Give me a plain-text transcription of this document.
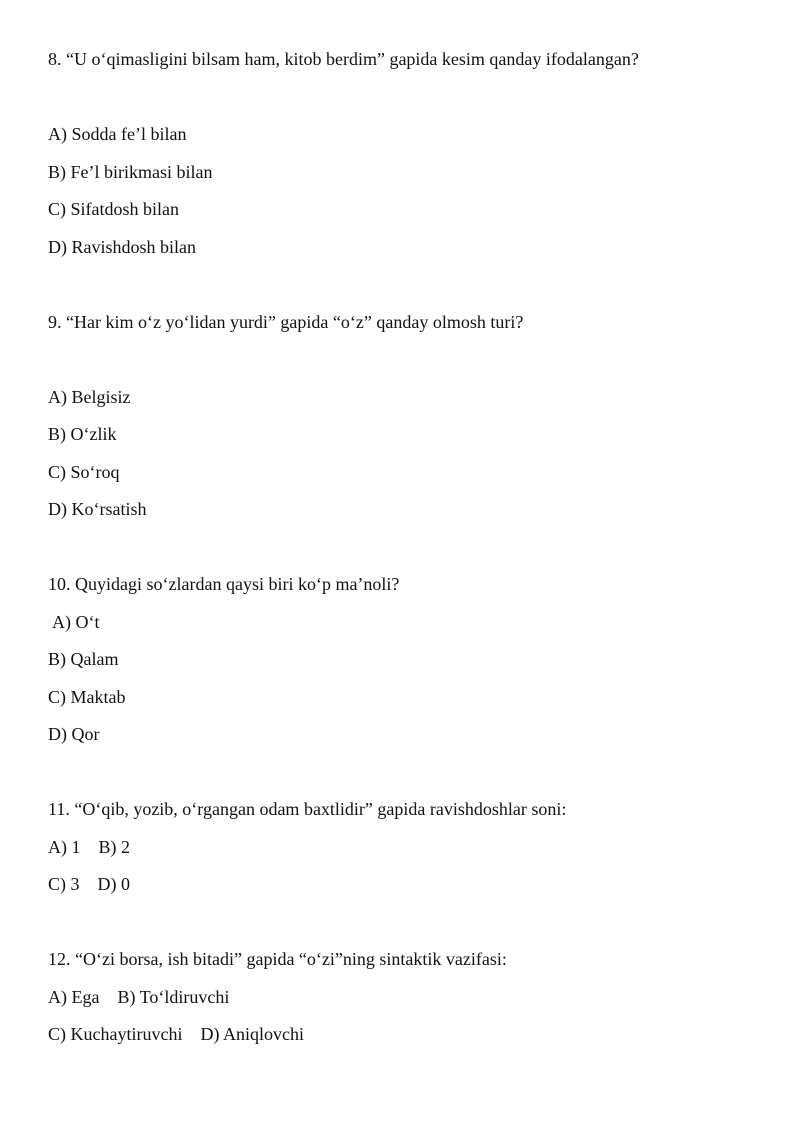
8. “U o‘qimasligini bilsam ham, kitob berdim” gapida kesim qanday ifodalangan?
A) Sodda fe’l bilan
B) Fe’l birikmasi bilan
C) Sifatdosh bilan
D) Ravishdosh bilan
9. “Har kim o‘z yo‘lidan yurdi” gapida “o‘z” qanday olmosh turi?
A) Belgisiz
B) O‘zlik
C) So‘roq
D) Ko‘rsatish
10. Quyidagi so‘zlardan qaysi biri ko‘p ma’noli?
A) O‘t
B) Qalam
C) Maktab
D) Qor
11. “O‘qib, yozib, o‘rgangan odam baxtlidir” gapida ravishdoshlar soni:
A) 1    B) 2
C) 3    D) 0
12. “O‘zi borsa, ish bitadi” gapida “o‘zi”ning sintaktik vazifasi:
A) Ega    B) To‘ldiruvchi
C) Kuchaytiruvchi    D) Aniqlovchi
